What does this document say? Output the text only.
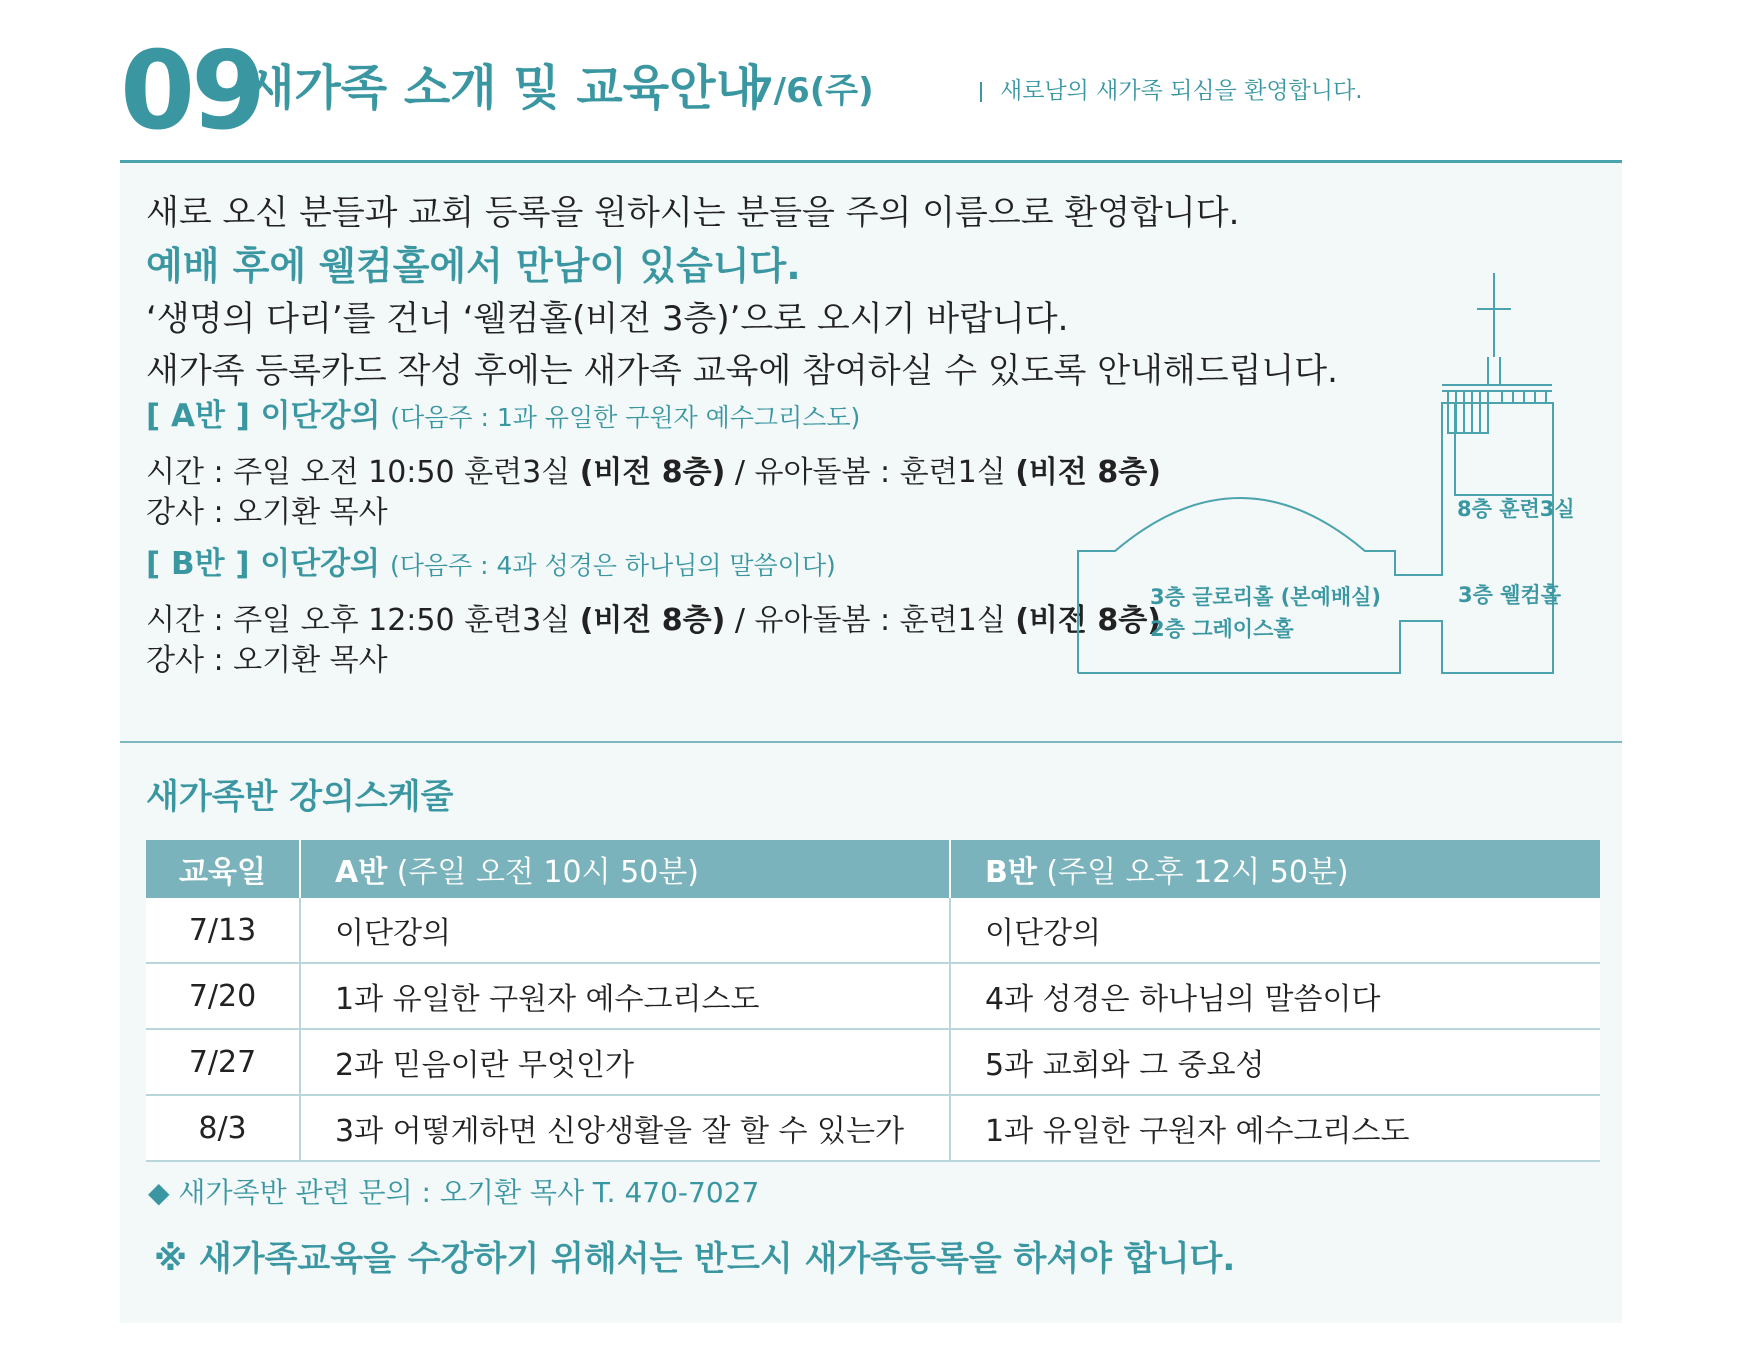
09
새가족 소개 및 교육안내
7/6(주)	새로남의 새가족 되심을 환영합니다.
새로 오신 분들과 교회 등록을 원하시는 분들을 주의 이름으로 환영합니다.
예배 후에 웰컴홀에서 만남이 있습니다.
‘생명의 다리’를 건너 ‘웰컴홀(비전 3층)’으로 오시기 바랍니다.
새가족 등록카드 작성 후에는 새가족 교육에 참여하실 수 있도록 안내해드립니다.
[ A반 ] 이단강의 (다음주 : 1과 유일한 구원자 예수그리스도)
시간 : 주일 오전 10:50 훈련3실 (비전 8층) / 유아돌봄 : 훈련1실 (비전 8층)
강사 : 오기환 목사
[ B반 ] 이단강의 (다음주 : 4과 성경은 하나님의 말씀이다)
시간 : 주일 오후 12:50 훈련3실 (비전 8층) / 유아돌봄 : 훈련1실 (비전 8층)
강사 : 오기환 목사
8층 훈련3실
3층 웰컴홀
3층 글로리홀 (본예배실)
2층 그레이스홀
새가족반 강의스케줄
교육일	A반 (주일 오전 10시 50분)	B반 (주일 오후 12시 50분)
7/13	이단강의	이단강의
7/20	1과 유일한 구원자 예수그리스도	4과 성경은 하나님의 말씀이다
7/27	2과 믿음이란 무엇인가	5과 교회와 그 중요성
8/3	3과 어떻게하면 신앙생활을 잘 할 수 있는가	1과 유일한 구원자 예수그리스도
◆ 새가족반 관련 문의 : 오기환 목사 T. 470-7027
※ 새가족교육을 수강하기 위해서는 반드시 새가족등록을 하셔야 합니다.
